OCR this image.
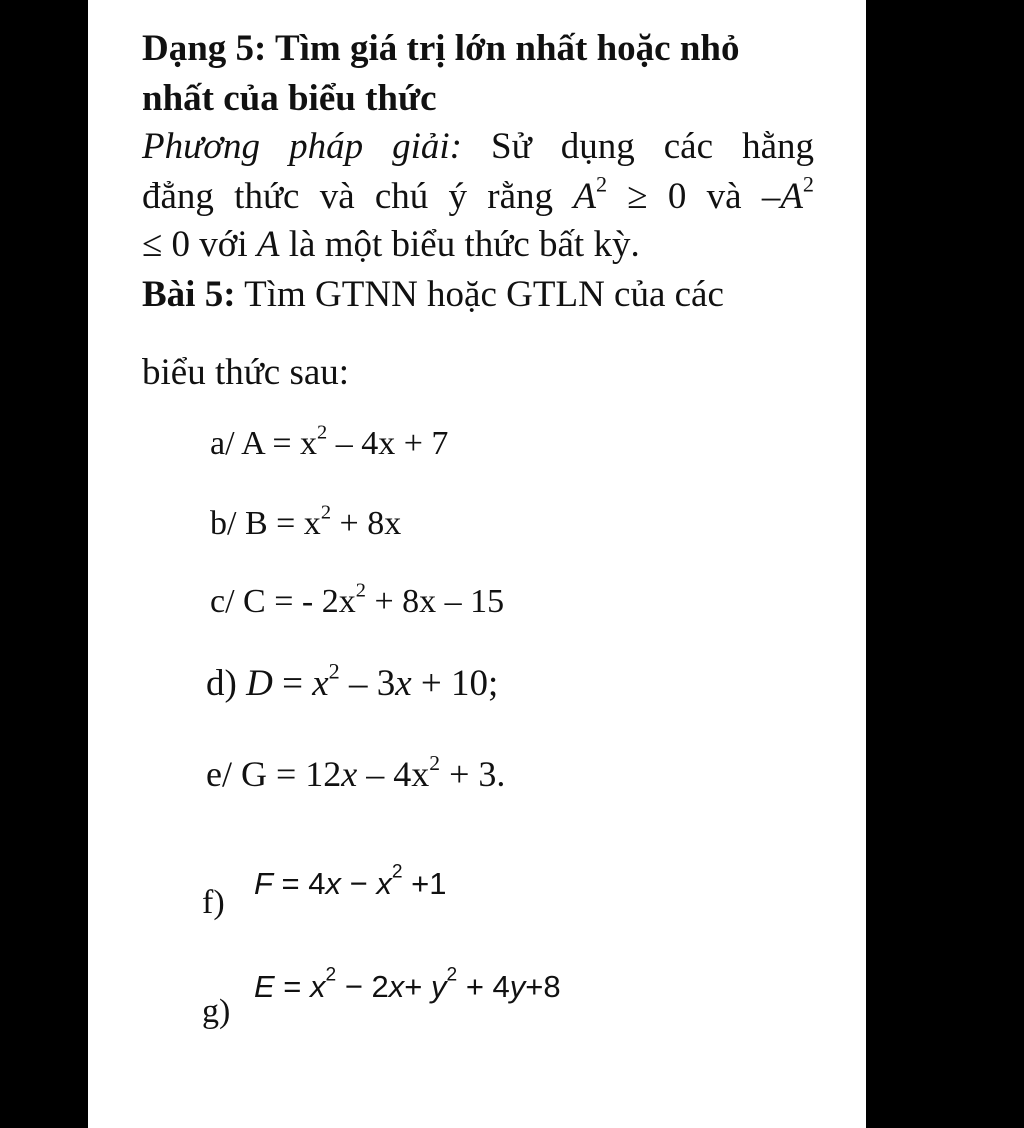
Dạng 5: Tìm giá trị lớn nhất hoặc nhỏ
nhất của biểu thức
Phương pháp giải: Sử dụng các hằng
đẳng thức và chú ý rằng $A^2 \ge 0$ và $-A^2$
≤ 0 với A là một biểu thức bất kỳ.
Bài 5: Tìm GTNN hoặc GTLN của các
biểu thức sau:
a/ $A = x^2 - 4x + 7$
b/ $B = x^2 + 8x$
c/ C = - $2x^2 + 8x - 15$
d) $D = x^2 - 3x + 10$;
e/ $G = 12x - 4x^2 + 3$.
f)
$F = 4x - x^2 +1$
g)
$E = x^2 - 2x+ y^2 + 4y+8$
